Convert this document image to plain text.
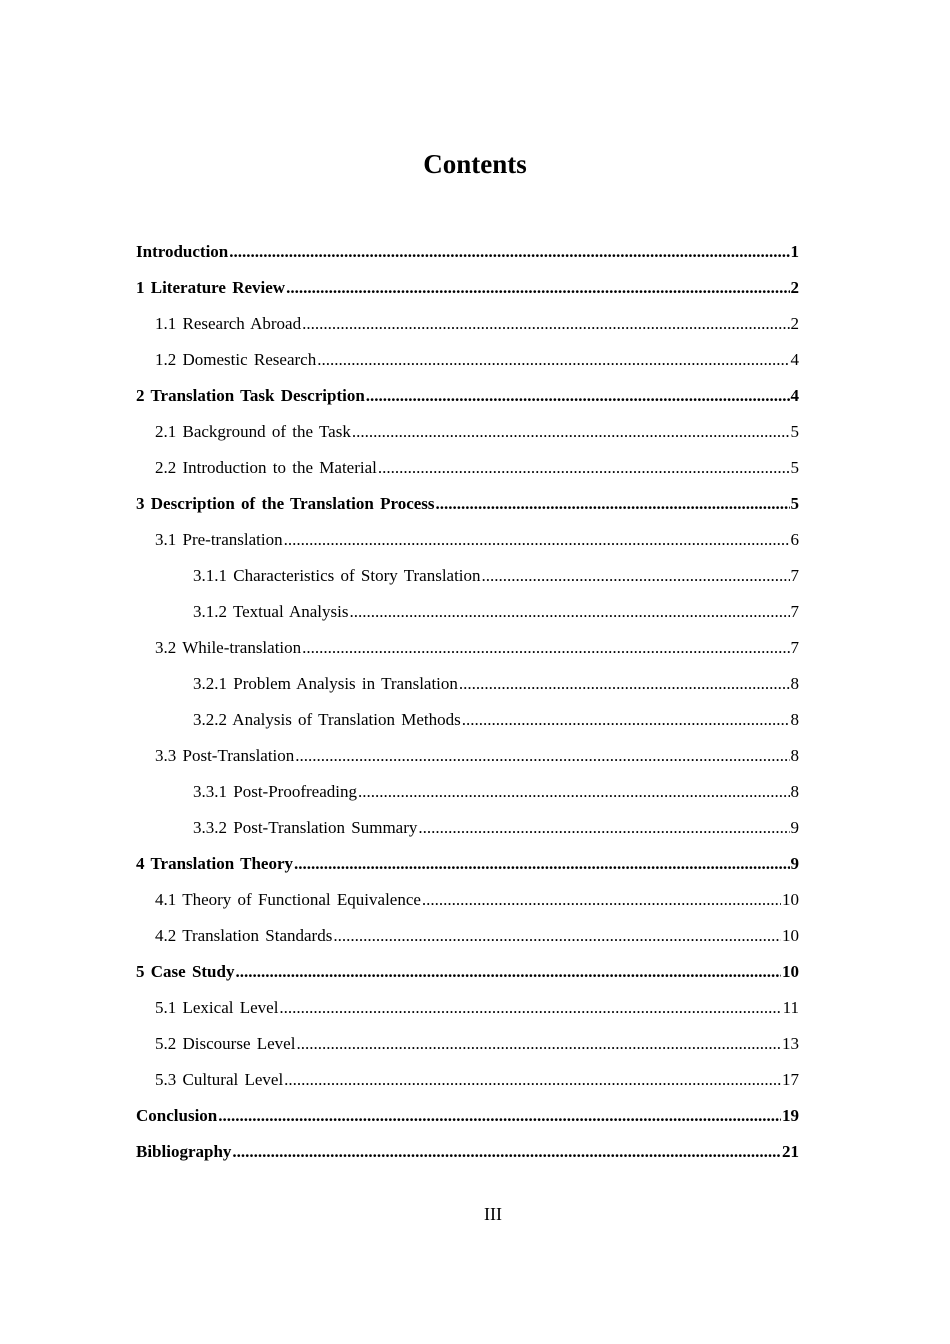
Contents
Introduction .....	1
1 Literature Review .....	2
1.1 Research Abroad .....	2
1.2 Domestic Research .....	4
2 Translation Task Description .....	4
2.1 Background of the Task .....	5
2.2 Introduction to the Material .....	5
3 Description of the Translation Process .....	5
3.1 Pre-translation .....	6
3.1.1 Characteristics of Story Translation .....	7
3.1.2 Textual Analysis .....	7
3.2 While-translation .....	7
3.2.1 Problem Analysis in Translation .....	8
3.2.2 Analysis of Translation Methods .....	8
3.3 Post-Translation .....	8
3.3.1 Post-Proofreading .....	8
3.3.2 Post-Translation Summary .....	9
4 Translation Theory .....	9
4.1 Theory of Functional Equivalence .....	10
4.2 Translation Standards .....	10
5 Case Study .....	10
5.1 Lexical Level .....	11
5.2 Discourse Level .....	13
5.3 Cultural Level .....	17
Conclusion .....	19
Bibliography .....	21
III
